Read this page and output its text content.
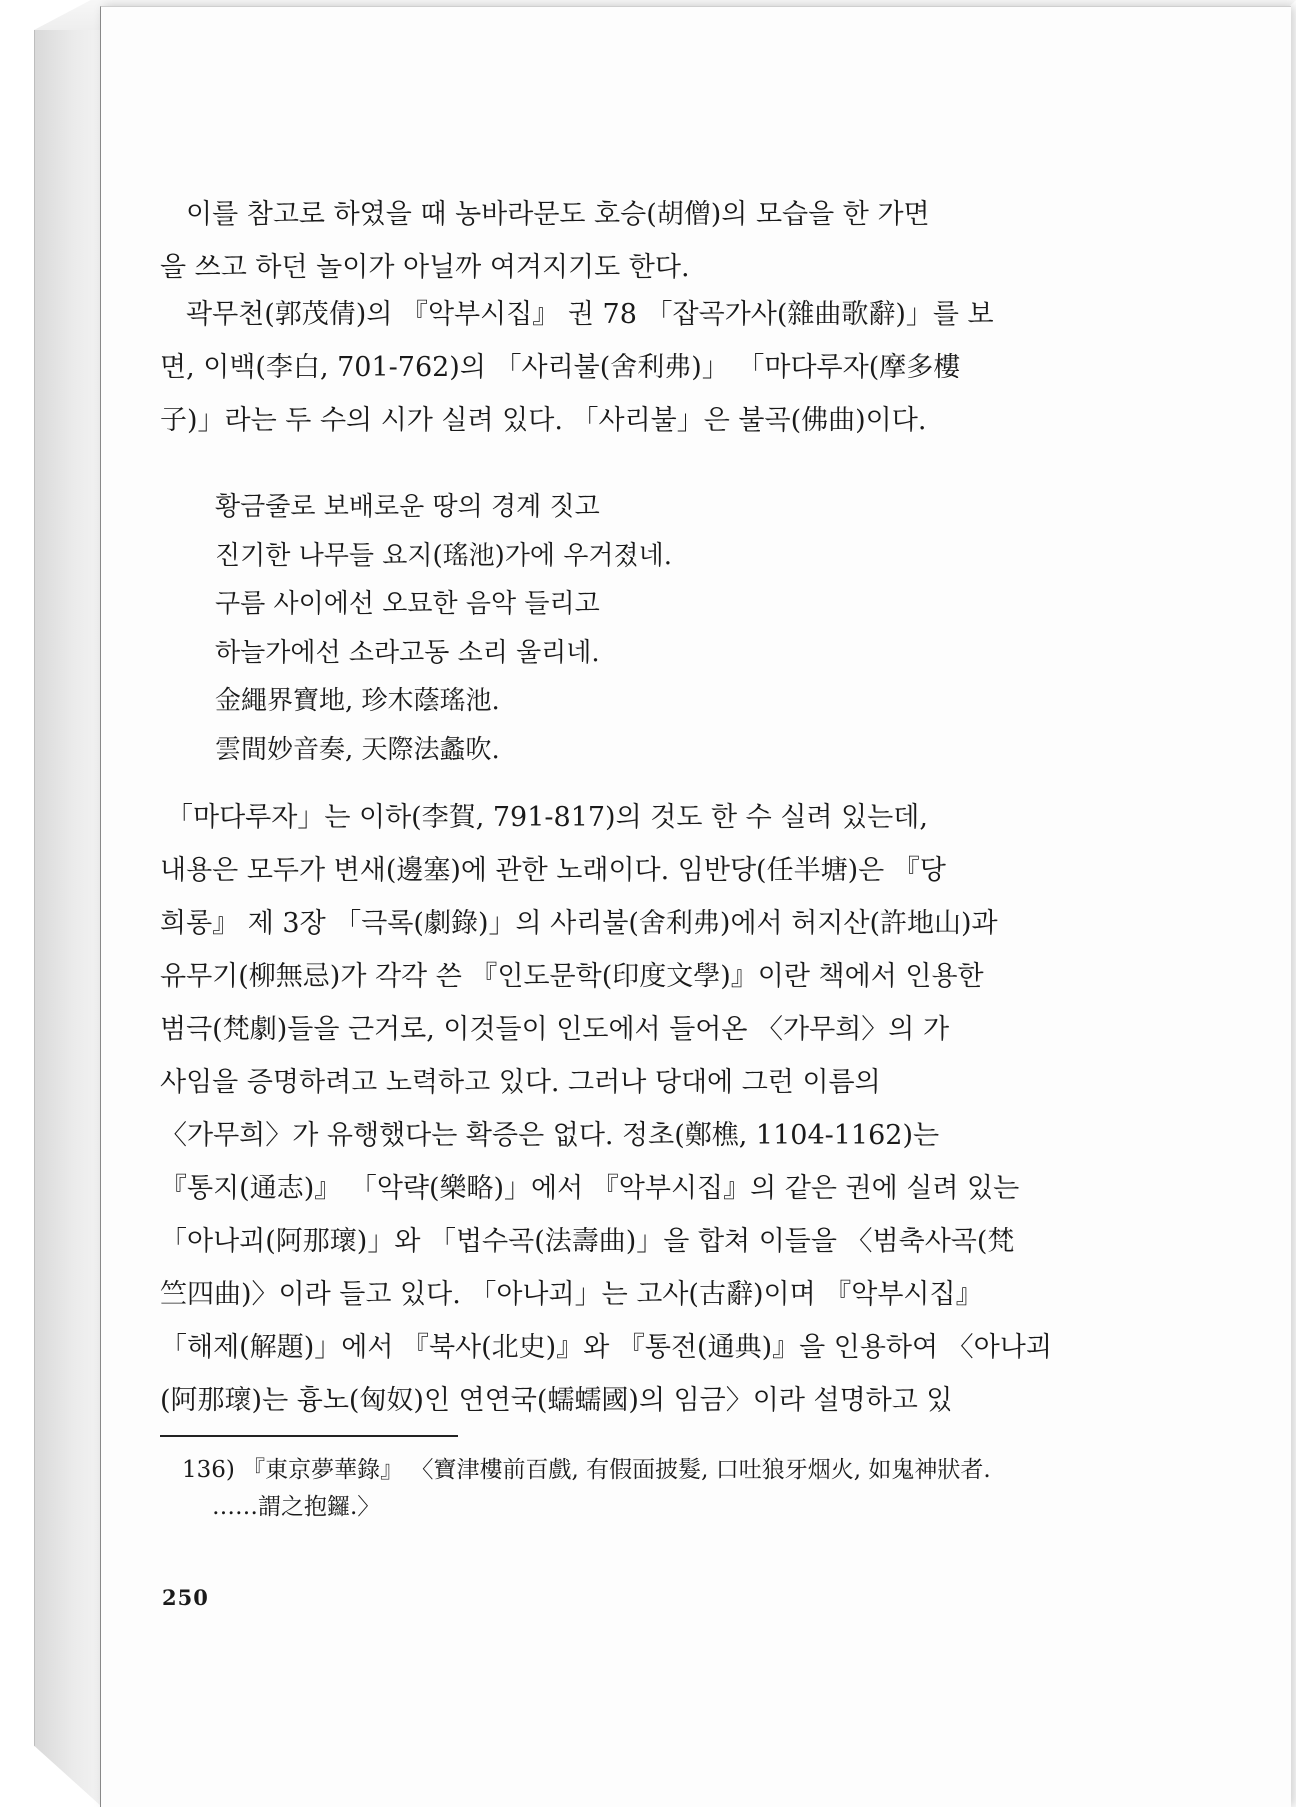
이를 참고로 하였을 때 농바라문도 호승(胡僧)의 모습을 한 가면
을 쓰고 하던 놀이가 아닐까 여겨지기도 한다.

곽무천(郭茂倩)의 『악부시집』 권 78 「잡곡가사(雜曲歌辭)」를 보
면, 이백(李白, 701-762)의 「사리불(舍利弗)」 「마다루자(摩多樓
子)」라는 두 수의 시가 실려 있다. 「사리불」은 불곡(佛曲)이다.

황금줄로 보배로운 땅의 경계 짓고
진기한 나무들 요지(瑤池)가에 우거졌네.
구름 사이에선 오묘한 음악 들리고
하늘가에선 소라고동 소리 울리네.
金繩界寶地, 珍木蔭瑤池.
雲間妙音奏, 天際法蠡吹.

「마다루자」는 이하(李賀, 791-817)의 것도 한 수 실려 있는데,
내용은 모두가 변새(邊塞)에 관한 노래이다. 임반당(任半塘)은 『당
희롱』 제 3장 「극록(劇錄)」의 사리불(舍利弗)에서 허지산(許地山)과
유무기(柳無忌)가 각각 쓴 『인도문학(印度文學)』이란 책에서 인용한
범극(梵劇)들을 근거로, 이것들이 인도에서 들어온 〈가무희〉의 가
사임을 증명하려고 노력하고 있다. 그러나 당대에 그런 이름의
〈가무희〉가 유행했다는 확증은 없다. 정초(鄭樵, 1104-1162)는
『통지(通志)』 「악략(樂略)」에서 『악부시집』의 같은 권에 실려 있는
「아나괴(阿那瓌)」와 「법수곡(法壽曲)」을 합쳐 이들을 〈범축사곡(梵
竺四曲)〉이라 들고 있다. 「아나괴」는 고사(古辭)이며 『악부시집』
「해제(解題)」에서 『북사(北史)』와 『통전(通典)』을 인용하여 〈아나괴
(阿那瓌)는 흉노(匈奴)인 연연국(蠕蠕國)의 임금〉이라 설명하고 있

136) 『東京夢華錄』 〈寶津樓前百戲, 有假面披髮, 口吐狼牙烟火, 如鬼神狀者.
……謂之抱鑼.〉
250
